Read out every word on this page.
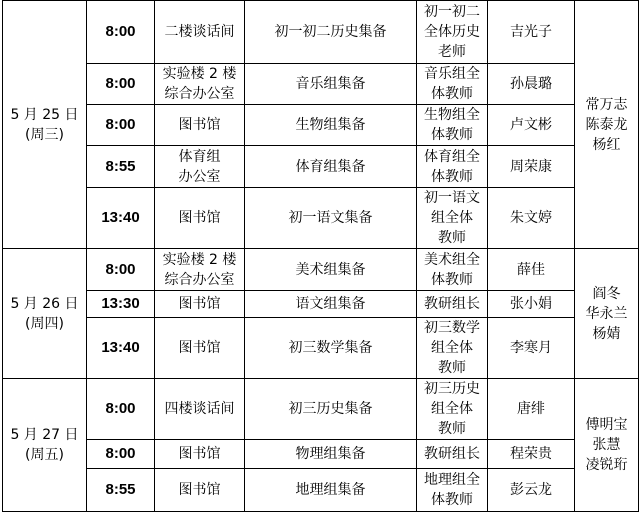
5 月 25 日
(周三)	8:00	二楼谈话间	初一初二历史集备	初一初二
全体历史
老师	吉光子	常万志
陈泰龙
杨红
	8:00	实验楼 2 楼
综合办公室	音乐组集备	音乐组全
体教师	孙晨璐	
	8:00	图书馆	生物组集备	生物组全
体教师	卢文彬	
	8:55	体育组
办公室	体育组集备	体育组全
体教师	周荣康	
	13:40	图书馆	初一语文集备	初一语文
组全体
教师	朱文婷	
5 月 26 日
(周四)	8:00	实验楼 2 楼
综合办公室	美术组集备	美术组全
体教师	薛佳	阎冬
华永兰
杨婧
	13:30	图书馆	语文组集备	教研组长	张小娟	
	13:40	图书馆	初三数学集备	初三数学
组全体
教师	李寒月	
5 月 27 日
(周五)	8:00	四楼谈话间	初三历史集备	初三历史
组全体
教师	唐绯	傅明宝
张慧
凌锐珩
	8:00	图书馆	物理组集备	教研组长	程荣贵	
	8:55	图书馆	地理组集备	地理组全
体教师	彭云龙	
